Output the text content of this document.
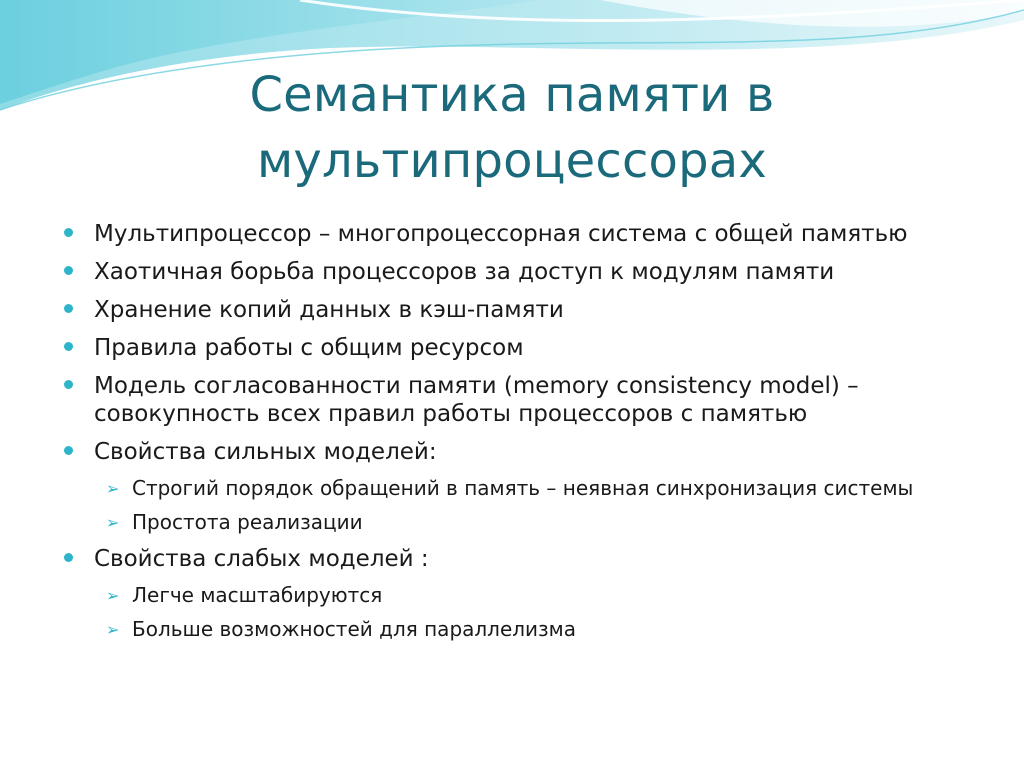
Семантика памяти в
мультипроцессорах
Мультипроцессор – многопроцессорная система с общей памятью
Хаотичная борьба процессоров за доступ к модулям памяти
Хранение копий данных в кэш-памяти
Правила работы с общим ресурсом
Модель согласованности памяти (memory consistency model) – совокупность всех правил работы процессоров с памятью
Свойства сильных моделей:
➢ Строгий порядок обращений в память – неявная синхронизация системы
➢ Простота реализации
Свойства слабых моделей :
➢ Легче масштабируются
➢ Больше возможностей для параллелизма
